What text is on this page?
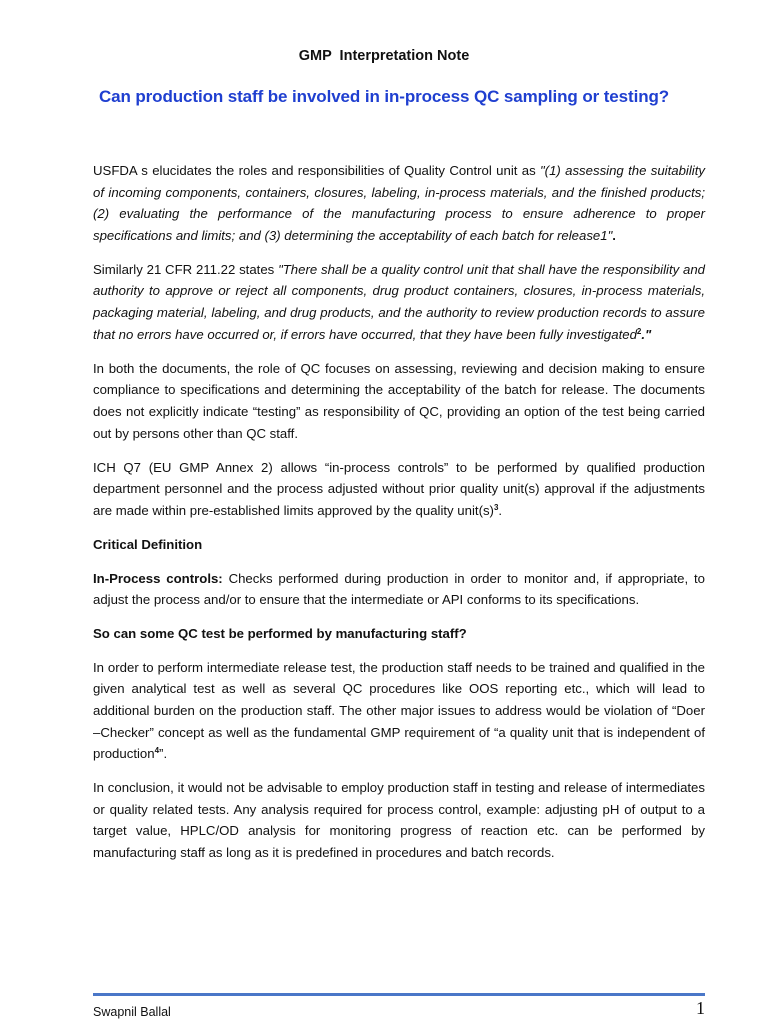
GMP  Interpretation Note
Can production staff be involved in in-process QC sampling or testing?

USFDA s elucidates the roles and responsibilities of Quality Control unit as "(1) assessing the suitability of incoming components, containers, closures, labeling, in-process materials, and the finished products; (2) evaluating the performance of the manufacturing process to ensure adherence to proper specifications and limits; and (3) determining the acceptability of each batch for release1".

Similarly 21 CFR 211.22 states "There shall be a quality control unit that shall have the responsibility and authority to approve or reject all components, drug product containers, closures, in-process materials, packaging material, labeling, and drug products, and the authority to review production records to assure that no errors have occurred or, if errors have occurred, that they have been fully investigated$^2$."

In both the documents, the role of QC focuses on assessing, reviewing and decision making to ensure compliance to specifications and determining the acceptability of the batch for release. The documents does not explicitly indicate “testing” as responsibility of QC, providing an option of the test being carried out by persons other than QC staff.

ICH Q7 (EU GMP Annex 2) allows “in-process controls” to be performed by qualified production department personnel and the process adjusted without prior quality unit(s) approval if the adjustments are made within pre-established limits approved by the quality $unit(s)^3$.

Critical Definition

In-Process controls: Checks performed during production in order to monitor and, if appropriate, to adjust the process and/or to ensure that the intermediate or API conforms to its specifications.

So can some QC test be performed by manufacturing staff?

In order to perform intermediate release test, the production staff needs to be trained and qualified in the given analytical test as well as several QC procedures like OOS reporting etc., which will lead to additional burden on the production staff. The other major issues to address would be violation of “Doer –Checker” concept as well as the fundamental GMP requirement of “a quality unit that is independent of production$^4$”.

In conclusion, it would not be advisable to employ production staff in testing and release of intermediates or quality related tests. Any analysis required for process control, example: adjusting pH of output to a target value, HPLC/OD analysis for monitoring progress of reaction etc. can be performed by manufacturing staff as long as it is predefined in procedures and batch records.

Swapnil Ballal	1
